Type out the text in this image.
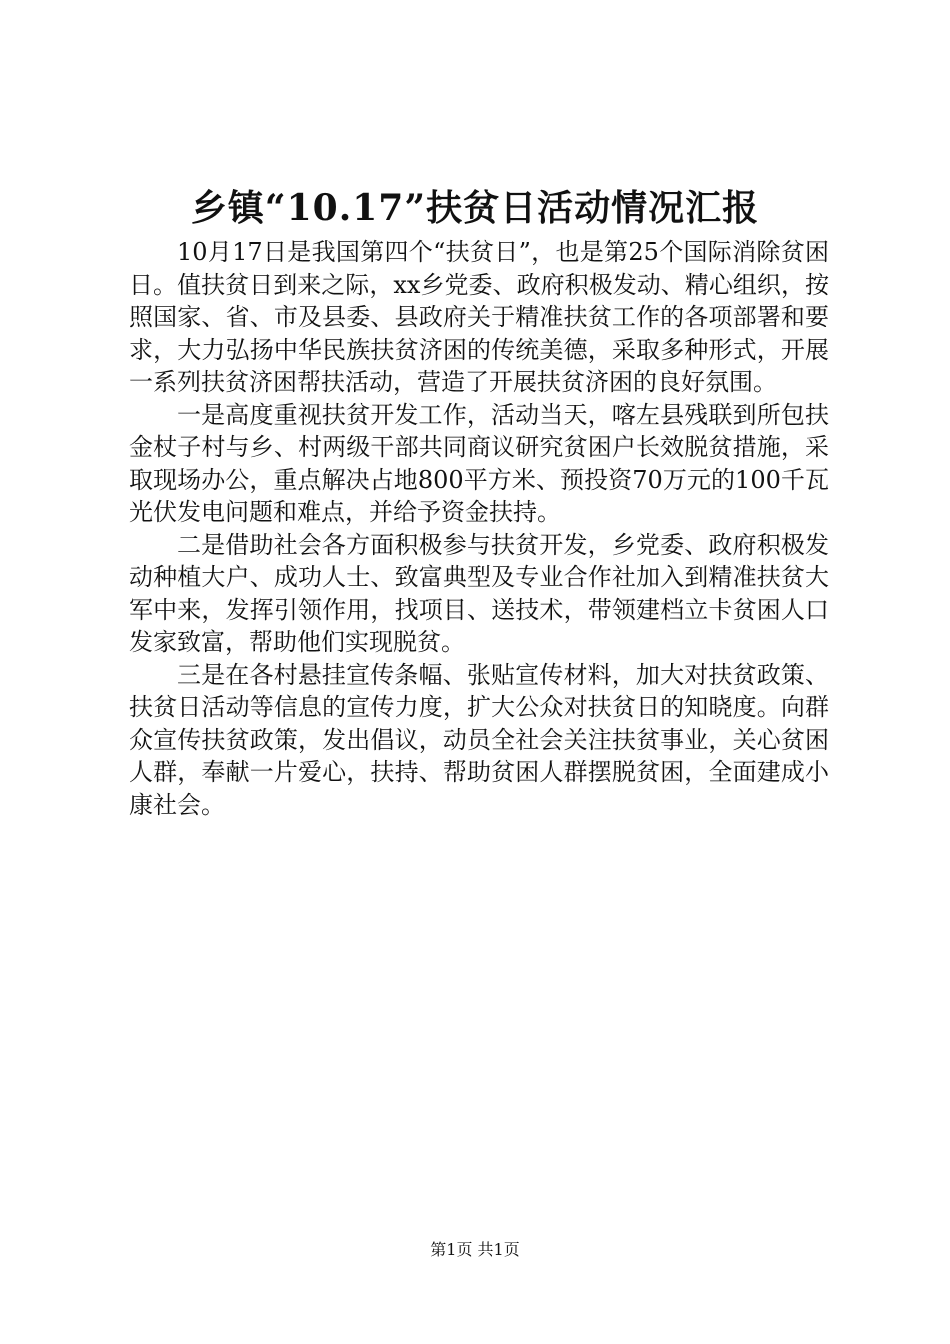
乡镇“10.17”扶贫日活动情况汇报

10月17日是我国第四个“扶贫日”，也是第25个国际消除贫困日。值扶贫日到来之际，xx乡党委、政府积极发动、精心组织，按照国家、省、市及县委、县政府关于精准扶贫工作的各项部署和要求，大力弘扬中华民族扶贫济困的传统美德，采取多种形式，开展一系列扶贫济困帮扶活动，营造了开展扶贫济困的良好氛围。

一是高度重视扶贫开发工作，活动当天，喀左县残联到所包扶金杖子村与乡、村两级干部共同商议研究贫困户长效脱贫措施，采取现场办公，重点解决占地800平方米、预投资70万元的100千瓦光伏发电问题和难点，并给予资金扶持。

二是借助社会各方面积极参与扶贫开发，乡党委、政府积极发动种植大户、成功人士、致富典型及专业合作社加入到精准扶贫大军中来，发挥引领作用，找项目、送技术，带领建档立卡贫困人口发家致富，帮助他们实现脱贫。

三是在各村悬挂宣传条幅、张贴宣传材料，加大对扶贫政策、扶贫日活动等信息的宣传力度，扩大公众对扶贫日的知晓度。向群众宣传扶贫政策，发出倡议，动员全社会关注扶贫事业，关心贫困人群，奉献一片爱心，扶持、帮助贫困人群摆脱贫困，全面建成小康社会。

第1页 共1页
